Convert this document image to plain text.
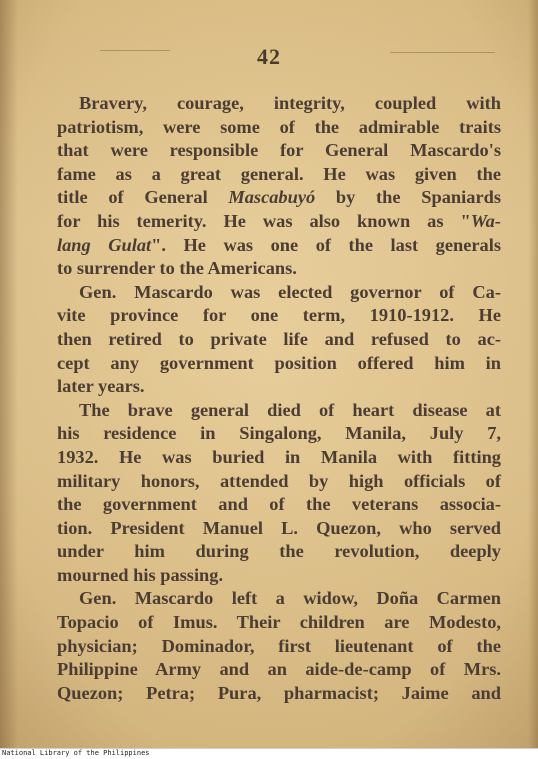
42
Bravery, courage, integrity, coupled with
patriotism, were some of the admirable traits
that were responsible for General Mascardo's
fame as a great general. He was given the
title of General Mascabuyó by the Spaniards
for his temerity. He was also known as "Wa-
lang Gulat". He was one of the last generals
to surrender to the Americans.
Gen. Mascardo was elected governor of Ca-
vite province for one term, 1910-1912. He
then retired to private life and refused to ac-
cept any government position offered him in
later years.
The brave general died of heart disease at
his residence in Singalong, Manila, July 7,
1932. He was buried in Manila with fitting
military honors, attended by high officials of
the government and of the veterans associa-
tion. President Manuel L. Quezon, who served
under him during the revolution, deeply
mourned his passing.
Gen. Mascardo left a widow, Doña Carmen
Topacio of Imus. Their children are Modesto,
physician; Dominador, first lieutenant of the
Philippine Army and an aide-de-camp of Mrs.
Quezon; Petra; Pura, pharmacist; Jaime and
National Library of the Philippines
